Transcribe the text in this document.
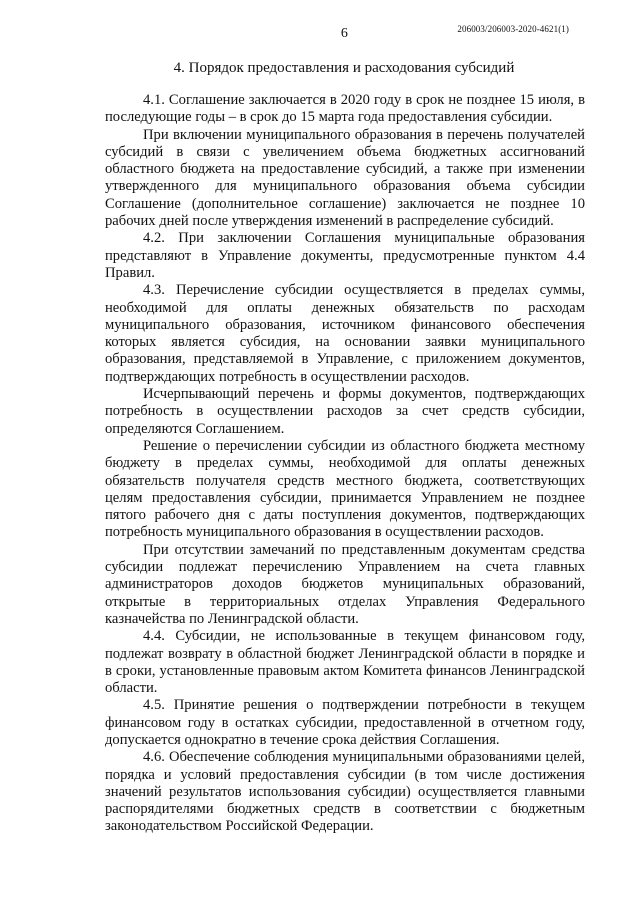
6	206003/206003-2020-4621(1)
4. Порядок предоставления и расходования субсидий

4.1. Соглашение заключается в 2020 году в срок не позднее 15 июля, в последующие годы – в срок до 15 марта года предоставления субсидии.

При включении муниципального образования в перечень получателей субсидий в связи с увеличением объема бюджетных ассигнований областного бюджета на предоставление субсидий, а также при изменении утвержденного для муниципального образования объема субсидии Соглашение (дополнительное соглашение) заключается не позднее 10 рабочих дней после утверждения изменений в распределение субсидий.

4.2. При заключении Соглашения муниципальные образования представляют в Управление документы, предусмотренные пунктом 4.4 Правил.

4.3. Перечисление субсидии осуществляется в пределах суммы, необходимой для оплаты денежных обязательств по расходам муниципального образования, источником финансового обеспечения которых является субсидия, на основании заявки муниципального образования, представляемой в Управление, с приложением документов, подтверждающих потребность в осуществлении расходов.

Исчерпывающий перечень и формы документов, подтверждающих потребность в осуществлении расходов за счет средств субсидии, определяются Соглашением.

Решение о перечислении субсидии из областного бюджета местному бюджету в пределах суммы, необходимой для оплаты денежных обязательств получателя средств местного бюджета, соответствующих целям предоставления субсидии, принимается Управлением не позднее пятого рабочего дня с даты поступления документов, подтверждающих потребность муниципального образования в осуществлении расходов.

При отсутствии замечаний по представленным документам средства субсидии подлежат перечислению Управлением на счета главных администраторов доходов бюджетов муниципальных образований, открытые в территориальных отделах Управления Федерального казначейства по Ленинградской области.

4.4. Субсидии, не использованные в текущем финансовом году, подлежат возврату в областной бюджет Ленинградской области в порядке и в сроки, установленные правовым актом Комитета финансов Ленинградской области.

4.5. Принятие решения о подтверждении потребности в текущем финансовом году в остатках субсидии, предоставленной в отчетном году, допускается однократно в течение срока действия Соглашения.

4.6. Обеспечение соблюдения муниципальными образованиями целей, порядка и условий предоставления субсидии (в том числе достижения значений результатов использования субсидии) осуществляется главными распорядителями бюджетных средств в соответствии с бюджетным законодательством Российской Федерации.
